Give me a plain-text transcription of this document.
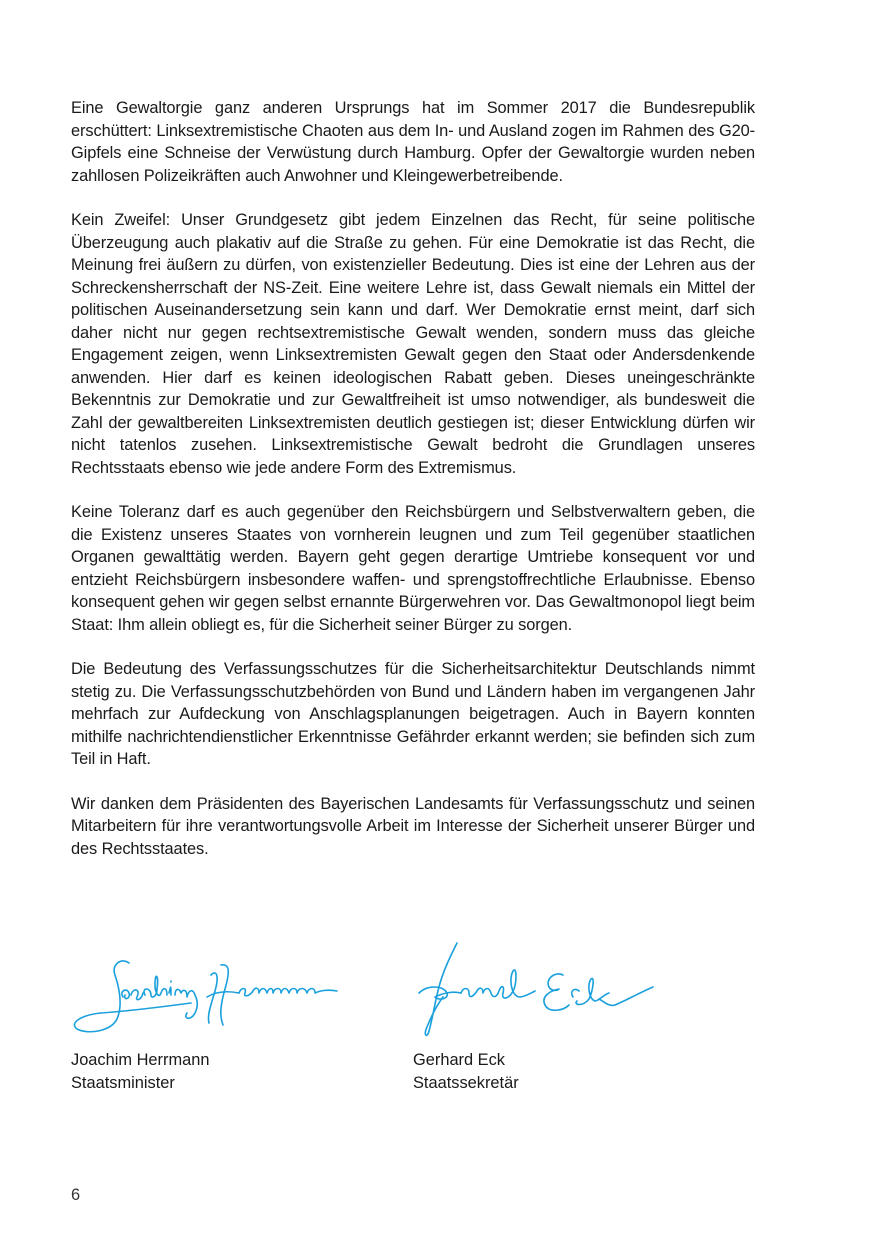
Eine Gewaltorgie ganz anderen Ursprungs hat im Sommer 2017 die Bundesrepublik erschüttert: Linksextremistische Chaoten aus dem In- und Ausland zogen im Rahmen des G20-Gipfels eine Schneise der Verwüstung durch Hamburg. Opfer der Gewaltorgie wurden neben zahllosen Polizeikräften auch Anwohner und Kleingewerbetreibende.

Kein Zweifel: Unser Grundgesetz gibt jedem Einzelnen das Recht, für seine politische Überzeugung auch plakativ auf die Straße zu gehen. Für eine Demokratie ist das Recht, die Meinung frei äußern zu dürfen, von existenzieller Bedeutung. Dies ist eine der Lehren aus der Schreckensherrschaft der NS-Zeit. Eine weitere Lehre ist, dass Gewalt niemals ein Mittel der politischen Auseinandersetzung sein kann und darf. Wer Demokratie ernst meint, darf sich daher nicht nur gegen rechtsextremistische Gewalt wenden, sondern muss das gleiche Engagement zeigen, wenn Linksextremisten Gewalt gegen den Staat oder Andersdenkende anwenden. Hier darf es keinen ideologischen Rabatt geben. Dieses uneingeschränkte Bekenntnis zur Demokratie und zur Gewaltfreiheit ist umso notwendiger, als bundesweit die Zahl der gewaltbereiten Linksextremisten deutlich gestiegen ist; dieser Entwicklung dürfen wir nicht tatenlos zusehen. Linksextremistische Gewalt bedroht die Grundlagen unseres Rechtsstaats ebenso wie jede andere Form des Extremismus.

Keine Toleranz darf es auch gegenüber den Reichsbürgern und Selbstverwaltern geben, die die Existenz unseres Staates von vornherein leugnen und zum Teil gegenüber staatlichen Organen gewalttätig werden. Bayern geht gegen derartige Umtriebe konsequent vor und entzieht Reichsbürgern insbesondere waffen- und sprengstoffrechtliche Erlaubnisse. Ebenso konsequent gehen wir gegen selbst ernannte Bürgerwehren vor. Das Gewaltmonopol liegt beim Staat: Ihm allein obliegt es, für die Sicherheit seiner Bürger zu sorgen.

Die Bedeutung des Verfassungsschutzes für die Sicherheitsarchitektur Deutschlands nimmt stetig zu. Die Verfassungsschutzbehörden von Bund und Ländern haben im vergangenen Jahr mehrfach zur Aufdeckung von Anschlagsplanungen beigetragen. Auch in Bayern konnten mithilfe nachrichtendienstlicher Erkenntnisse Gefährder erkannt werden; sie befinden sich zum Teil in Haft.

Wir danken dem Präsidenten des Bayerischen Landesamts für Verfassungsschutz und seinen Mitarbeitern für ihre verantwortungsvolle Arbeit im Interesse der Sicherheit unserer Bürger und des Rechtsstaates.

Joachim Herrmann

Staatsminister

Gerhard Eck

Staatssekretär

6
